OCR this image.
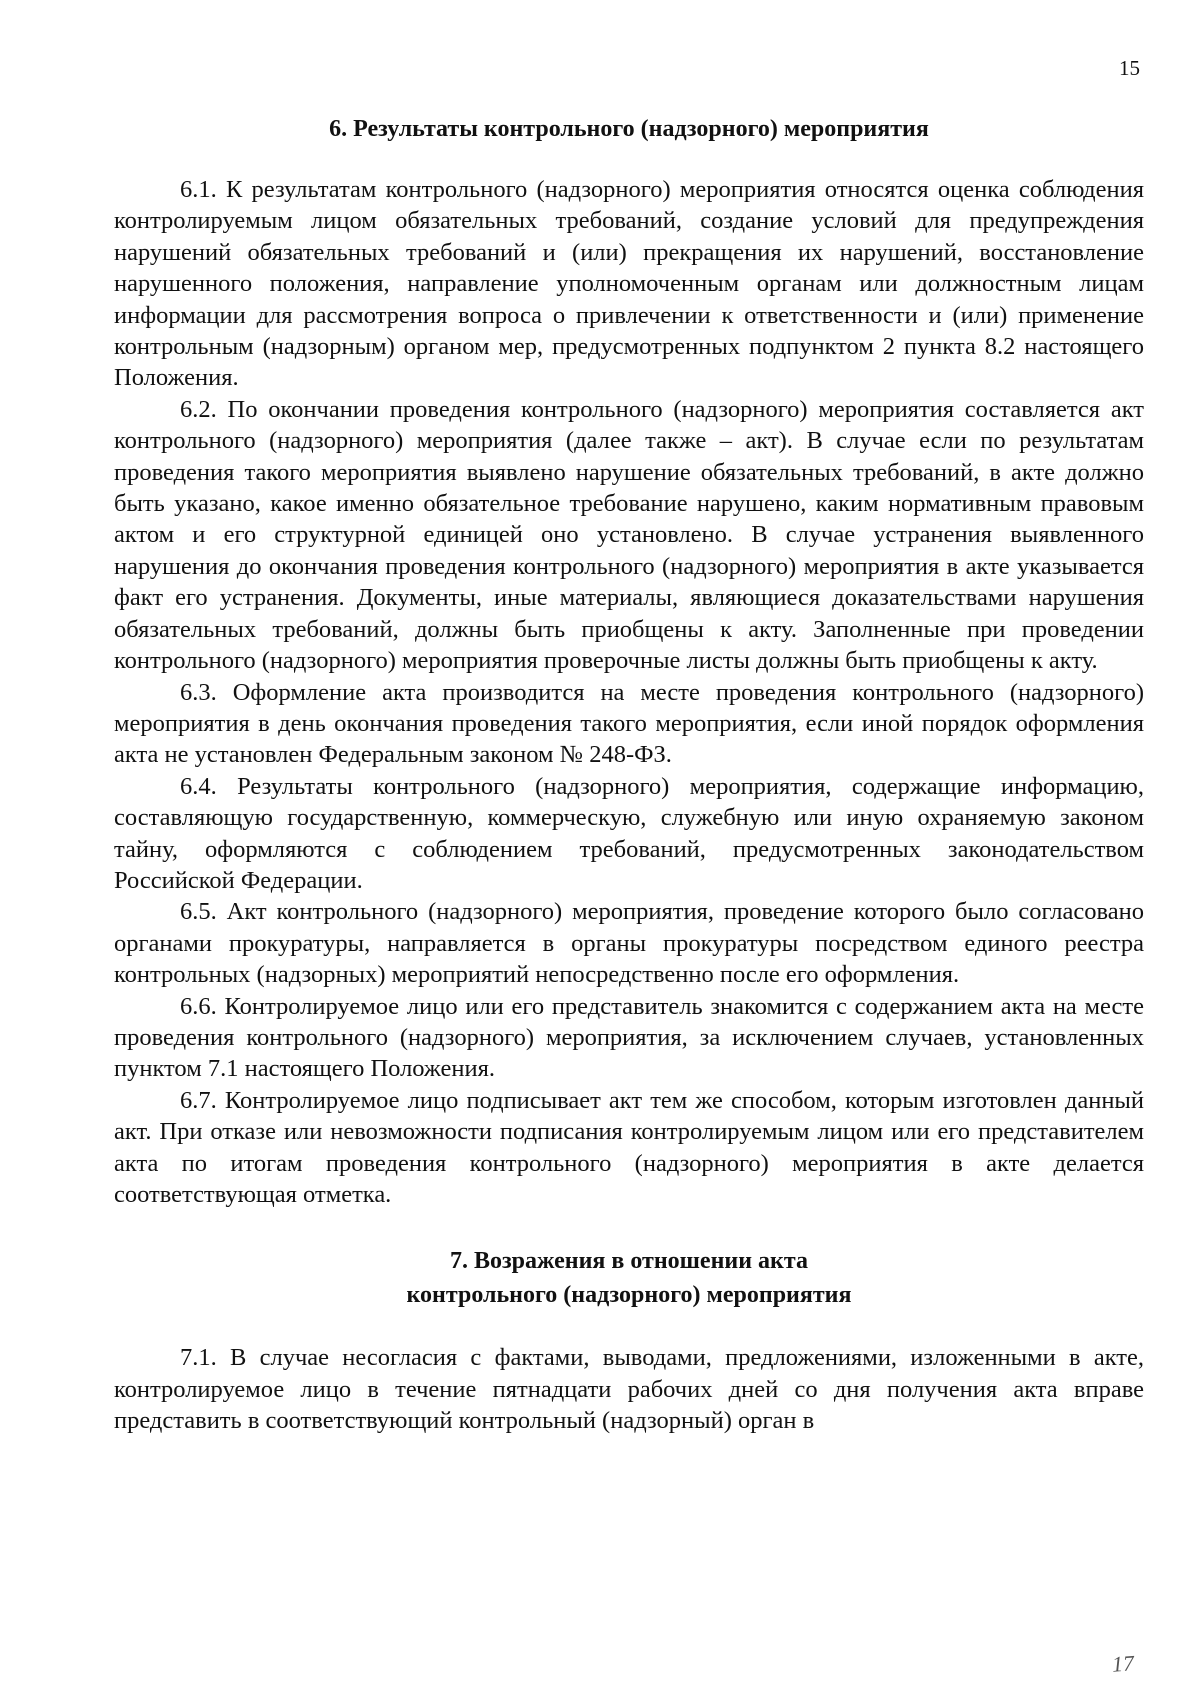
15
6. Результаты контрольного (надзорного) мероприятия

6.1. К результатам контрольного (надзорного) мероприятия относятся оценка соблюдения контролируемым лицом обязательных требований, создание условий для предупреждения нарушений обязательных требований и (или) прекращения их нарушений, восстановление нарушенного положения, направление уполномоченным органам или должностным лицам информации для рассмотрения вопроса о привлечении к ответственности и (или) применение контрольным (надзорным) органом мер, предусмотренных подпунктом 2 пункта 8.2 настоящего Положения.

6.2. По окончании проведения контрольного (надзорного) мероприятия составляется акт контрольного (надзорного) мероприятия (далее также – акт). В случае если по результатам проведения такого мероприятия выявлено нарушение обязательных требований, в акте должно быть указано, какое именно обязательное требование нарушено, каким нормативным правовым актом и его структурной единицей оно установлено. В случае устранения выявленного нарушения до окончания проведения контрольного (надзорного) мероприятия в акте указывается факт его устранения. Документы, иные материалы, являющиеся доказательствами нарушения обязательных требований, должны быть приобщены к акту. Заполненные при проведении контрольного (надзорного) мероприятия проверочные листы должны быть приобщены к акту.

6.3. Оформление акта производится на месте проведения контрольного (надзорного) мероприятия в день окончания проведения такого мероприятия, если иной порядок оформления акта не установлен Федеральным законом № 248-ФЗ.

6.4. Результаты контрольного (надзорного) мероприятия, содержащие информацию, составляющую государственную, коммерческую, служебную или иную охраняемую законом тайну, оформляются с соблюдением требований, предусмотренных законодательством Российской Федерации.

6.5. Акт контрольного (надзорного) мероприятия, проведение которого было согласовано органами прокуратуры, направляется в органы прокуратуры посредством единого реестра контрольных (надзорных) мероприятий непосредственно после его оформления.

6.6. Контролируемое лицо или его представитель знакомится с содержанием акта на месте проведения контрольного (надзорного) мероприятия, за исключением случаев, установленных пунктом 7.1 настоящего Положения.

6.7. Контролируемое лицо подписывает акт тем же способом, которым изготовлен данный акт. При отказе или невозможности подписания контролируемым лицом или его представителем акта по итогам проведения контрольного (надзорного) мероприятия в акте делается соответствующая отметка.

7. Возражения в отношении акта
контрольного (надзорного) мероприятия

7.1. В случае несогласия с фактами, выводами, предложениями, изложенными в акте, контролируемое лицо в течение пятнадцати рабочих дней со дня получения акта вправе представить в соответствующий контрольный (надзорный) орган в

17
